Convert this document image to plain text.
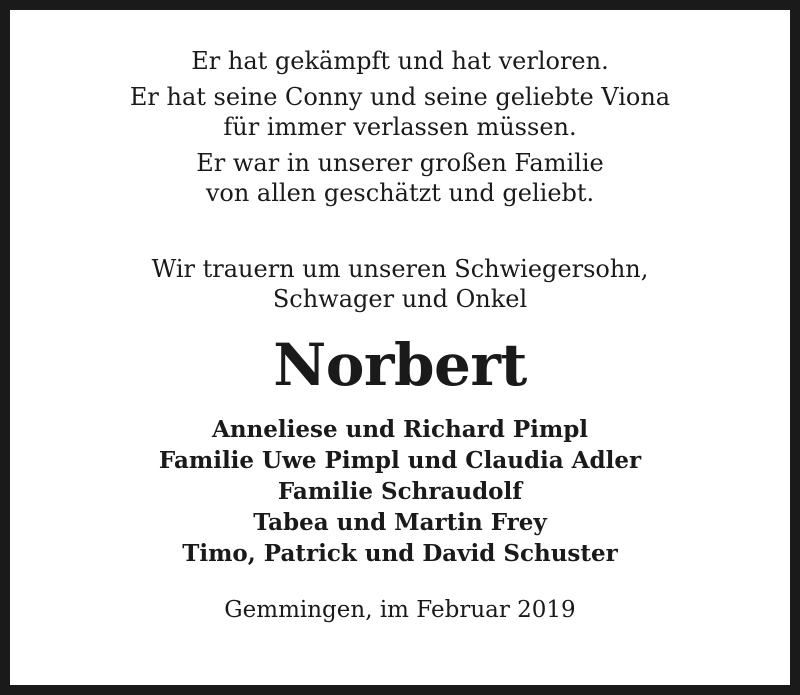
Er hat gekämpft und hat verloren.
Er hat seine Conny und seine geliebte Viona
für immer verlassen müssen.
Er war in unserer großen Familie
von allen geschätzt und geliebt.
Wir trauern um unseren Schwiegersohn,
Schwager und Onkel
Norbert
Anneliese und Richard Pimpl
Familie Uwe Pimpl und Claudia Adler
Familie Schraudolf
Tabea und Martin Frey
Timo, Patrick und David Schuster
Gemmingen, im Februar 2019
